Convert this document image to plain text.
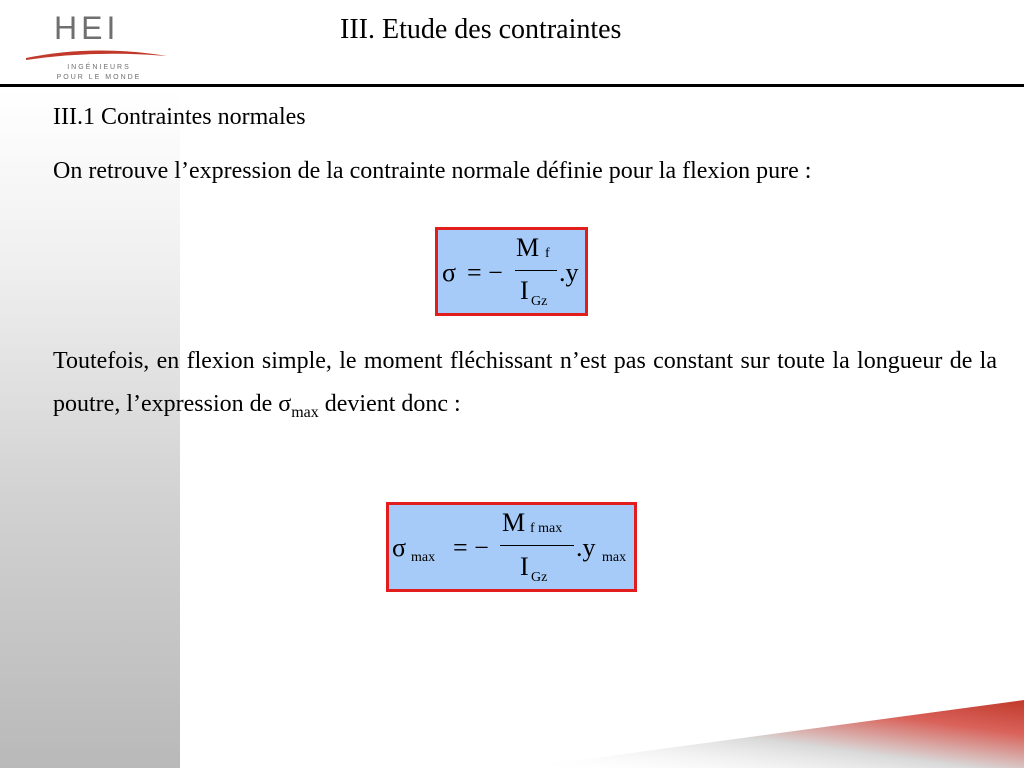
HEI
INGÉNIEURS
POUR LE MONDE
III. Etude des contraintes
III.1 Contraintes normales
On retrouve l’expression de la contrainte normale définie pour la flexion pure :
σ = −
M f
I Gz
.y
Toutefois, en flexion simple, le moment fléchissant n’est pas constant sur toute la longueur de la poutre, l’expression de $\sigma_{max}$ devient donc :
σ max = −
M f max
I Gz
.y max
